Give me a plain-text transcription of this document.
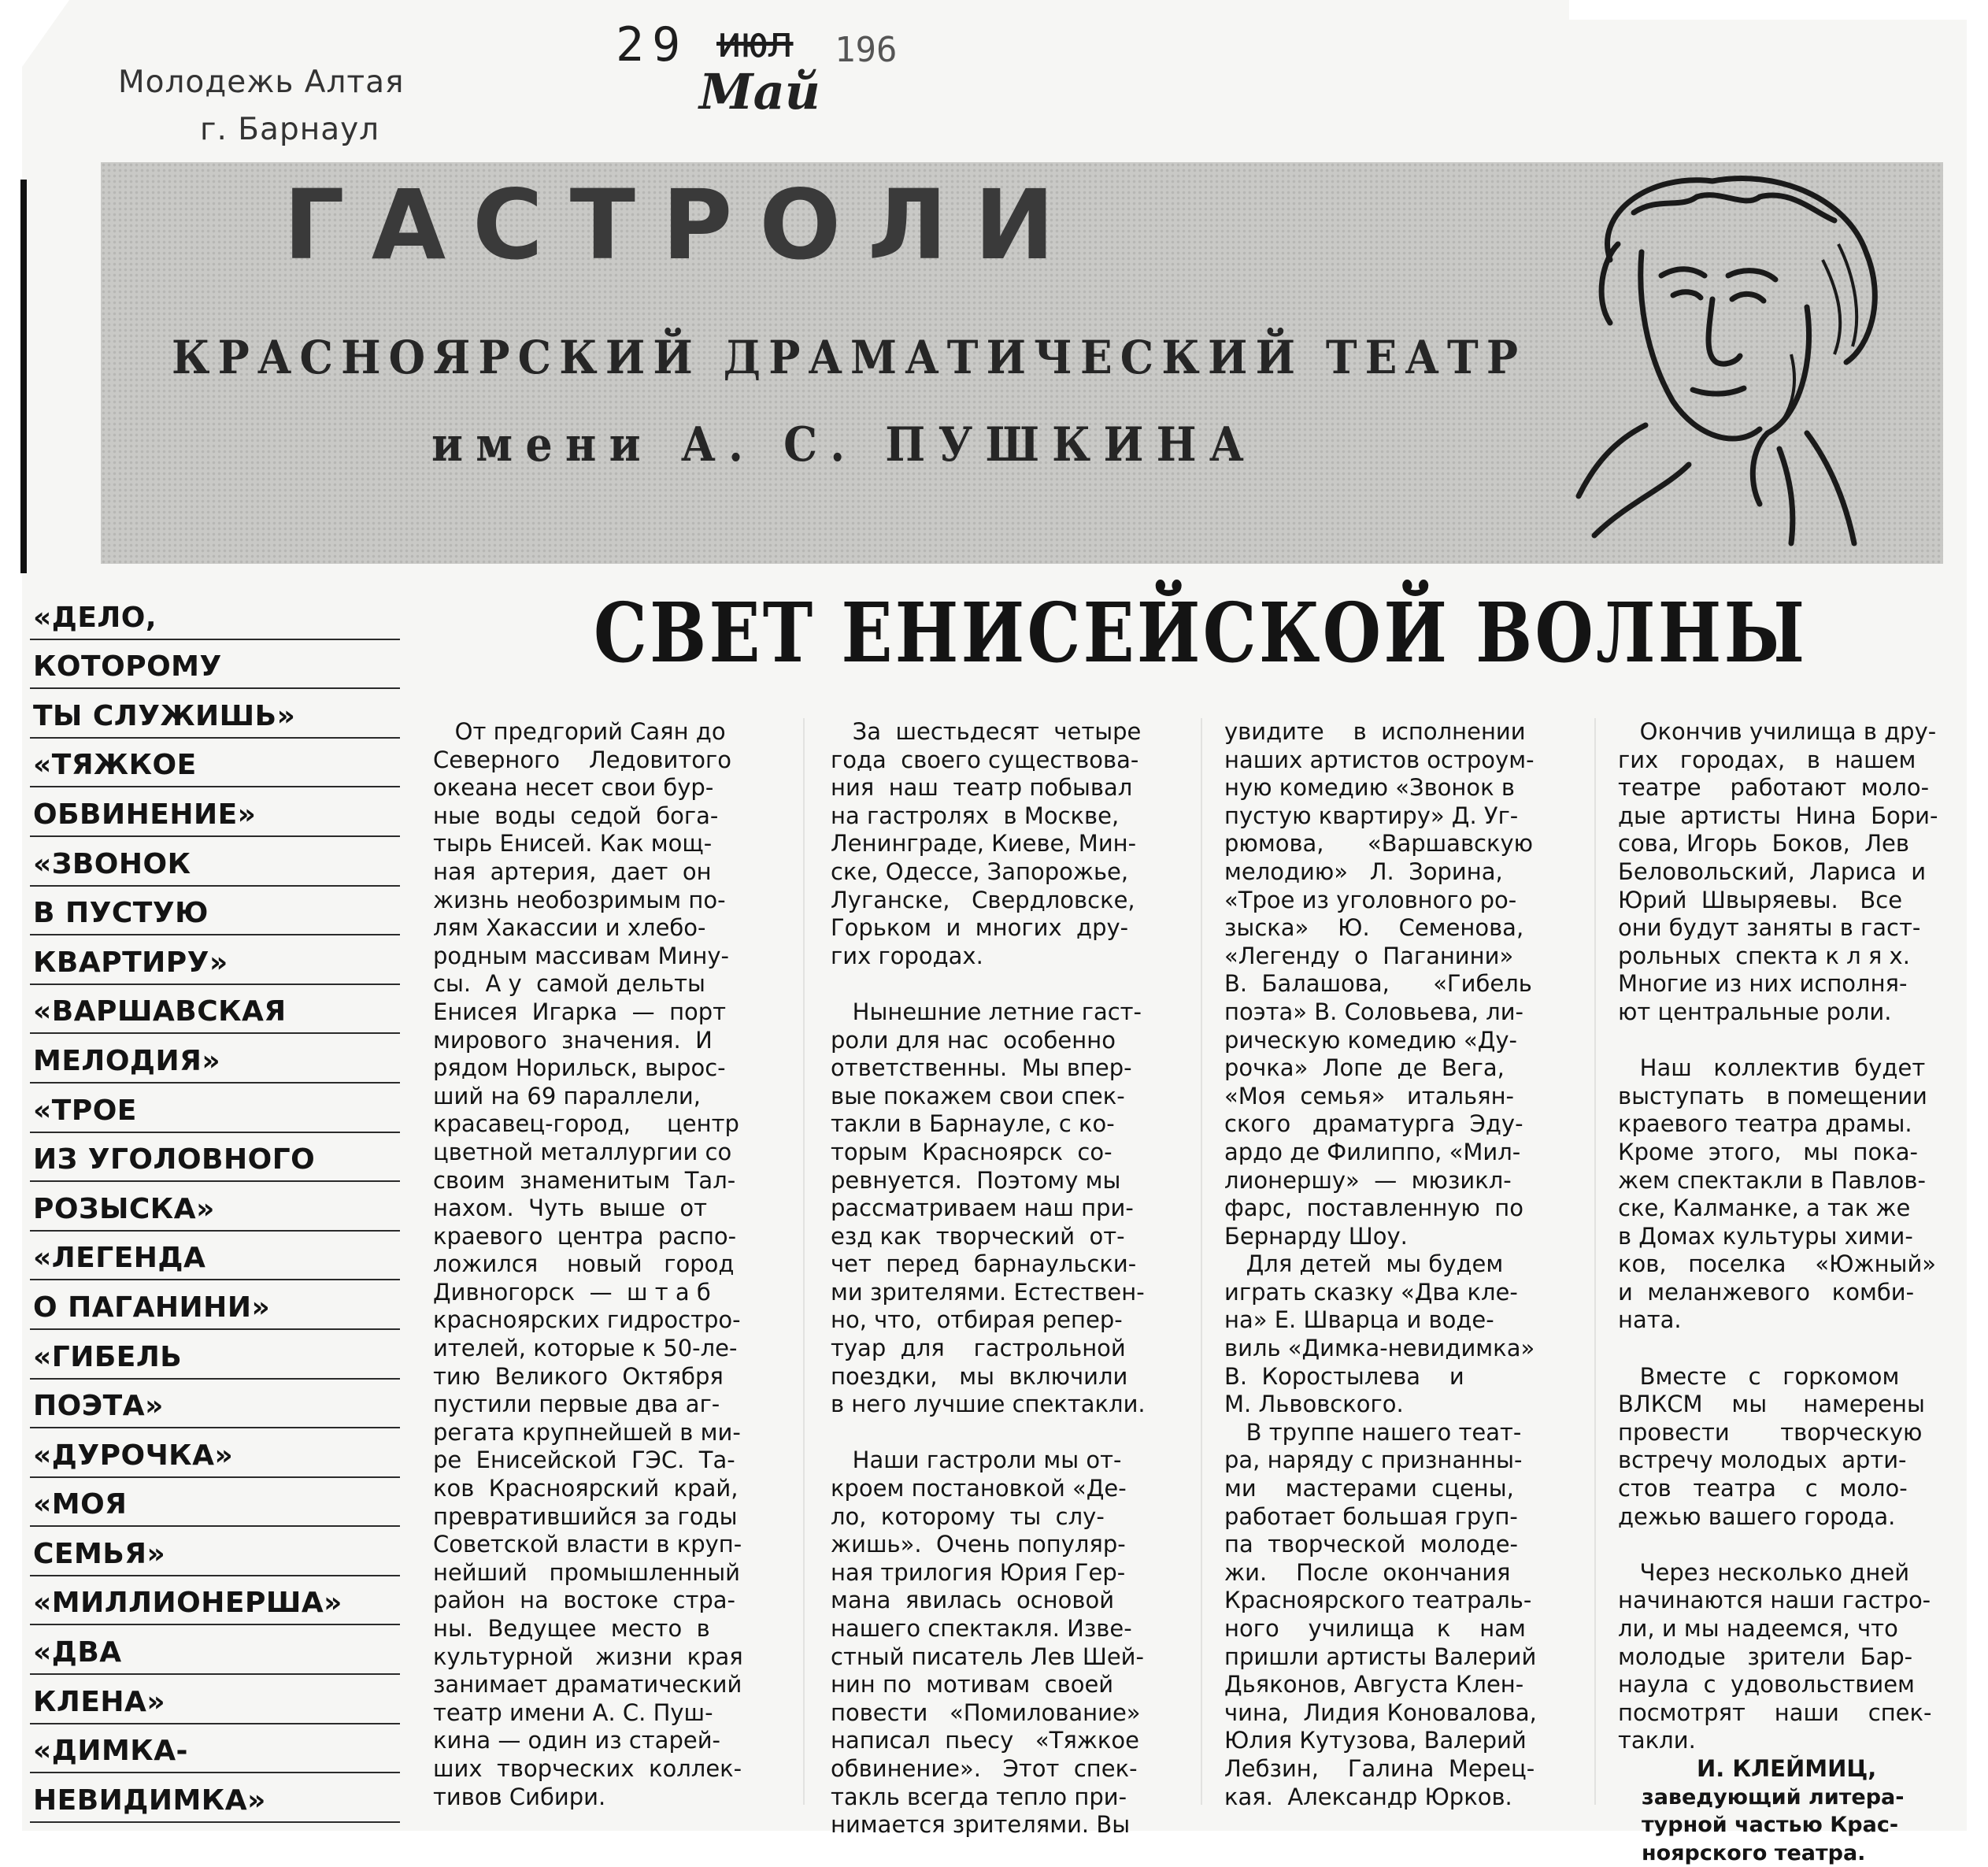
Молодежь Алтая
г. Барнаул
29 июл 196
Май
ГАСТРОЛИ
КРАСНОЯРСКИЙ ДРАМАТИЧЕСКИЙ ТЕАТР
имени А. С. ПУШКИНА
СВЕТ ЕНИСЕЙСКОЙ ВОЛНЫ
«ДЕЛО,
КОТОРОМУ
ТЫ СЛУЖИШЬ»
«ТЯЖКОЕ
ОБВИНЕНИЕ»
«ЗВОНОК
В ПУСТУЮ
КВАРТИРУ»
«ВАРШАВСКАЯ
МЕЛОДИЯ»
«ТРОЕ
ИЗ УГОЛОВНОГО
РОЗЫСКА»
«ЛЕГЕНДА
О ПАГАНИНИ»
«ГИБЕЛЬ
ПОЭТА»
«ДУРОЧКА»
«МОЯ
СЕМЬЯ»
«МИЛЛИОНЕРША»
«ДВА
КЛЕНА»
«ДИМКА-
НЕВИДИМКА»
От предгорий Саян до
Северного    Ледовитого
океана несет свои бур-
ные  воды  седой  бога-
тырь Енисей. Как мощ-
ная  артерия,  дает  он
жизнь необозримым по-
лям Хакассии и хлебо-
родным массивам Мину-
сы.  А у  самой дельты
Енисея  Игарка  —  порт
мирового  значения.  И
рядом Норильск, вырос-
ший на 69 параллели,
красавец-город,     центр
цветной металлургии со
своим  знаменитым  Тал-
нахом.  Чуть  выше  от
краевого  центра  распо-
ложился    новый   город
Дивногорск  —  ш т а б
красноярских гидростро-
ителей, которые к 50-ле-
тию  Великого  Октября
пустили первые два аг-
регата крупнейшей в ми-
ре  Енисейской  ГЭС.  Та-
ков  Красноярский  край,
превратившийся за годы
Советской власти в круп-
нейший   промышленный
район  на  востоке  стра-
ны.  Ведущее  место  в
культурной   жизни  края
занимает драматический
театр имени А. С. Пуш-
кина — один из старей-
ших  творческих  коллек-
тивов Сибири.
За  шестьдесят  четыре
года  своего существова-
ния  наш  театр побывал
на гастролях  в Москве,
Ленинграде, Киеве, Мин-
ске, Одессе, Запорожье,
Луганске,   Свердловске,
Горьком  и  многих  дру-
гих городах.
Нынешние летние гаст-
роли для нас  особенно
ответственны.  Мы впер-
вые покажем свои спек-
такли в Барнауле, с ко-
торым  Красноярск  со-
ревнуется.  Поэтому мы
рассматриваем наш при-
езд как  творческий  от-
чет  перед  барнаульски-
ми зрителями. Естествен-
но, что,  отбирая репер-
туар  для    гастрольной
поездки,   мы  включили
в него лучшие спектакли.
Наши гастроли мы от-
кроем постановкой «Де-
ло,  которому  ты  слу-
жишь».  Очень популяр-
ная трилогия Юрия Гер-
мана  явилась  основой
нашего спектакля. Изве-
стный писатель Лев Шей-
нин по  мотивам  своей
повести   «Помилование»
написал  пьесу   «Тяжкое
обвинение».   Этот  спек-
такль всегда тепло при-
нимается зрителями. Вы
увидите    в  исполнении
наших артистов остроум-
ную комедию «Звонок в
пустую квартиру» Д. Уг-
рюмова,      «Варшавскую
мелодию»   Л.  Зорина,
«Трое из уголовного ро-
зыска»    Ю.    Семенова,
«Легенду  о  Паганини»
В.  Балашова,      «Гибель
поэта» В. Соловьева, ли-
рическую комедию «Ду-
рочка»  Лопе  де  Вега,
«Моя  семья»   итальян-
ского   драматурга  Эду-
ардо де Филиппо, «Мил-
лионершу»  —  мюзикл-
фарс,  поставленную  по
Бернарду Шоу.
Для детей  мы будем
играть сказку «Два кле-
на» Е. Шварца и водe-
виль «Димка-невидимка»
В.  Коростылева    и
М. Львовского.
В труппе нашего теат-
ра, наряду с признанны-
ми    мастерами  сцены,
работает большая груп-
па  творческой  молоде-
жи.    После  окончания
Красноярского театраль-
ного    училища   к    нам
пришли артисты Валерий
Дьяконов, Августа Клен-
чина,  Лидия Коновалова,
Юлия Кутузова, Валерий
Лебзин,    Галина  Мерец-
кая.  Александр Юрков.
Окончив училища в дру-
гих   городах,   в  нашем
театре    работают  моло-
дые  артисты  Нина  Бори-
сова, Игорь  Боков,  Лев
Беловольский,  Лариса  и
Юрий  Швыряевы.   Все
они будут заняты в гаст-
рольных  спекта к л я х.
Многие из них исполня-
ют центральные роли.
Наш   коллектив  будет
выступать   в помещении
краевого театра драмы.
Кроме  этого,   мы  пока-
жем спектакли в Павлов-
ске, Калманке, а так же
в Домах культуры хими-
ков,   поселка    «Южный»
и  меланжевого   комби-
ната.
Вместе   с   горкомом
ВЛКСМ    мы     намерены
провести       творческую
встречу молодых  арти-
стов   театра    с   моло-
дежью вашего города.
Через несколько дней
начинаются наши гастро-
ли, и мы надеемся, что
молодые   зрители  Бар-
наула  с  удовольствием
посмотрят    наши    спек-
такли.
И. КЛЕЙМИЦ,
заведующий литера-
турной частью Крас-
ноярского театра.
